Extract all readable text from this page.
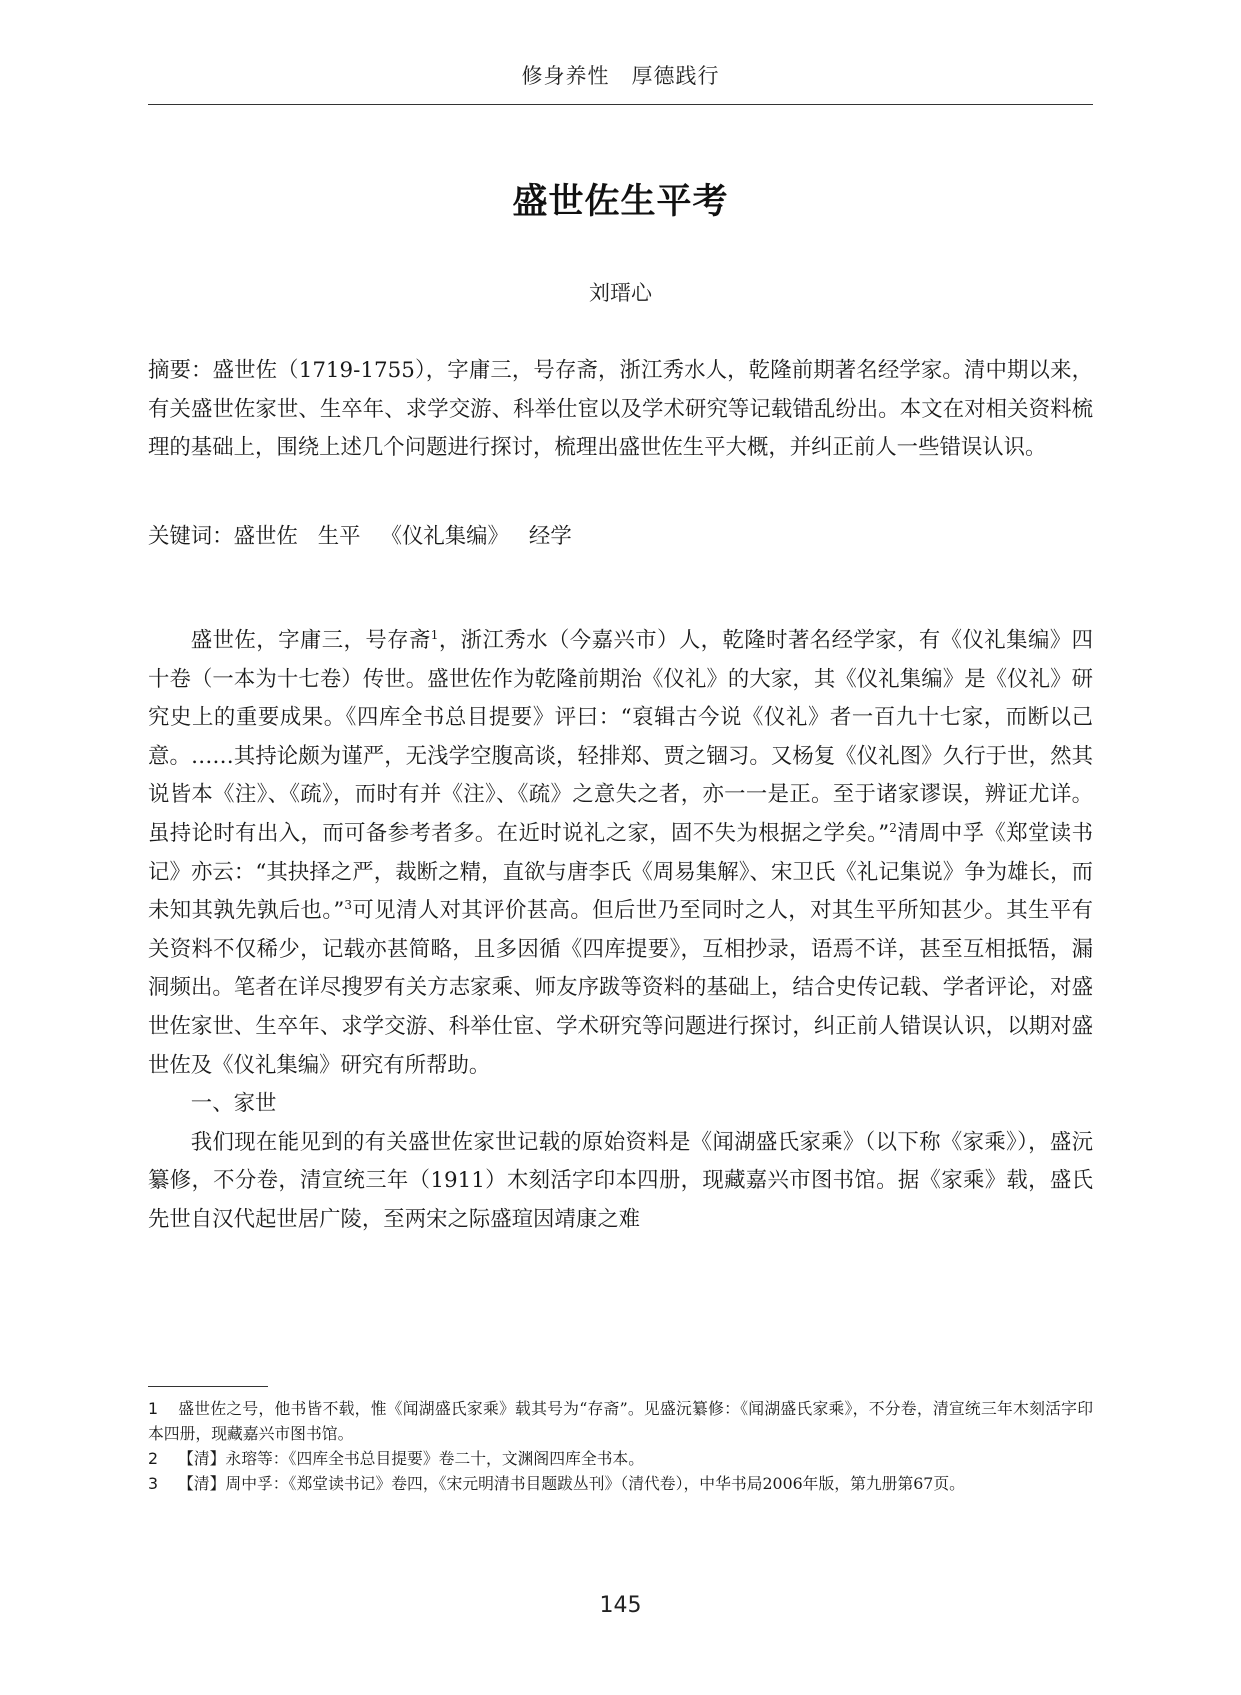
修身养性　厚德践行
盛世佐生平考
刘瑨心

摘要：盛世佐（1719-1755），字庸三，号存斋，浙江秀水人，乾隆前期著名经学家。清中期以来，有关盛世佐家世、生卒年、求学交游、科举仕宦以及学术研究等记载错乱纷出。本文在对相关资料梳理的基础上，围绕上述几个问题进行探讨，梳理出盛世佐生平大概，并纠正前人一些错误认识。

关键词：盛世佐 生平 《仪礼集编》 经学

盛世佐，字庸三，号存斋$^1$，浙江秀水（今嘉兴市）人，乾隆时著名经学家，有《仪礼集编》四十卷（一本为十七卷）传世。盛世佐作为乾隆前期治《仪礼》的大家，其《仪礼集编》是《仪礼》研究史上的重要成果。《四库全书总目提要》评曰：“裒辑古今说《仪礼》者一百九十七家，而断以己意。……其持论颇为谨严，无浅学空腹高谈，轻排郑、贾之锢习。又杨复《仪礼图》久行于世，然其说皆本《注》、《疏》，而时有并《注》、《疏》之意失之者，亦一一是正。至于诸家谬误，辨证尤详。虽持论时有出入，而可备参考者多。在近时说礼之家，固不失为根据之学矣。”$^2$清周中孚《郑堂读书记》亦云：“其抉择之严，裁断之精，直欲与唐李氏《周易集解》、宋卫氏《礼记集说》争为雄长，而未知其孰先孰后也。”$^3$可见清人对其评价甚高。但后世乃至同时之人，对其生平所知甚少。其生平有关资料不仅稀少，记载亦甚简略，且多因循《四库提要》，互相抄录，语焉不详，甚至互相抵牾，漏洞频出。笔者在详尽搜罗有关方志家乘、师友序跋等资料的基础上，结合史传记载、学者评论，对盛世佐家世、生卒年、求学交游、科举仕宦、学术研究等问题进行探讨，纠正前人错误认识，以期对盛世佐及《仪礼集编》研究有所帮助。

一、家世

我们现在能见到的有关盛世佐家世记载的原始资料是《闻湖盛氏家乘》（以下称《家乘》），盛沅纂修，不分卷，清宣统三年（1911）木刻活字印本四册，现藏嘉兴市图书馆。据《家乘》载，盛氏先世自汉代起世居广陵，至两宋之际盛瑄因靖康之难

1 盛世佐之号，他书皆不载，惟《闻湖盛氏家乘》载其号为“存斋”。见盛沅纂修：《闻湖盛氏家乘》，不分卷，清宣统三年木刻活字印本四册，现藏嘉兴市图书馆。

2 【清】永瑢等：《四库全书总目提要》卷二十，文渊阁四库全书本。

3 【清】周中孚：《郑堂读书记》卷四，《宋元明清书目题跋丛刊》（清代卷），中华书局2006年版，第九册第67页。

145
